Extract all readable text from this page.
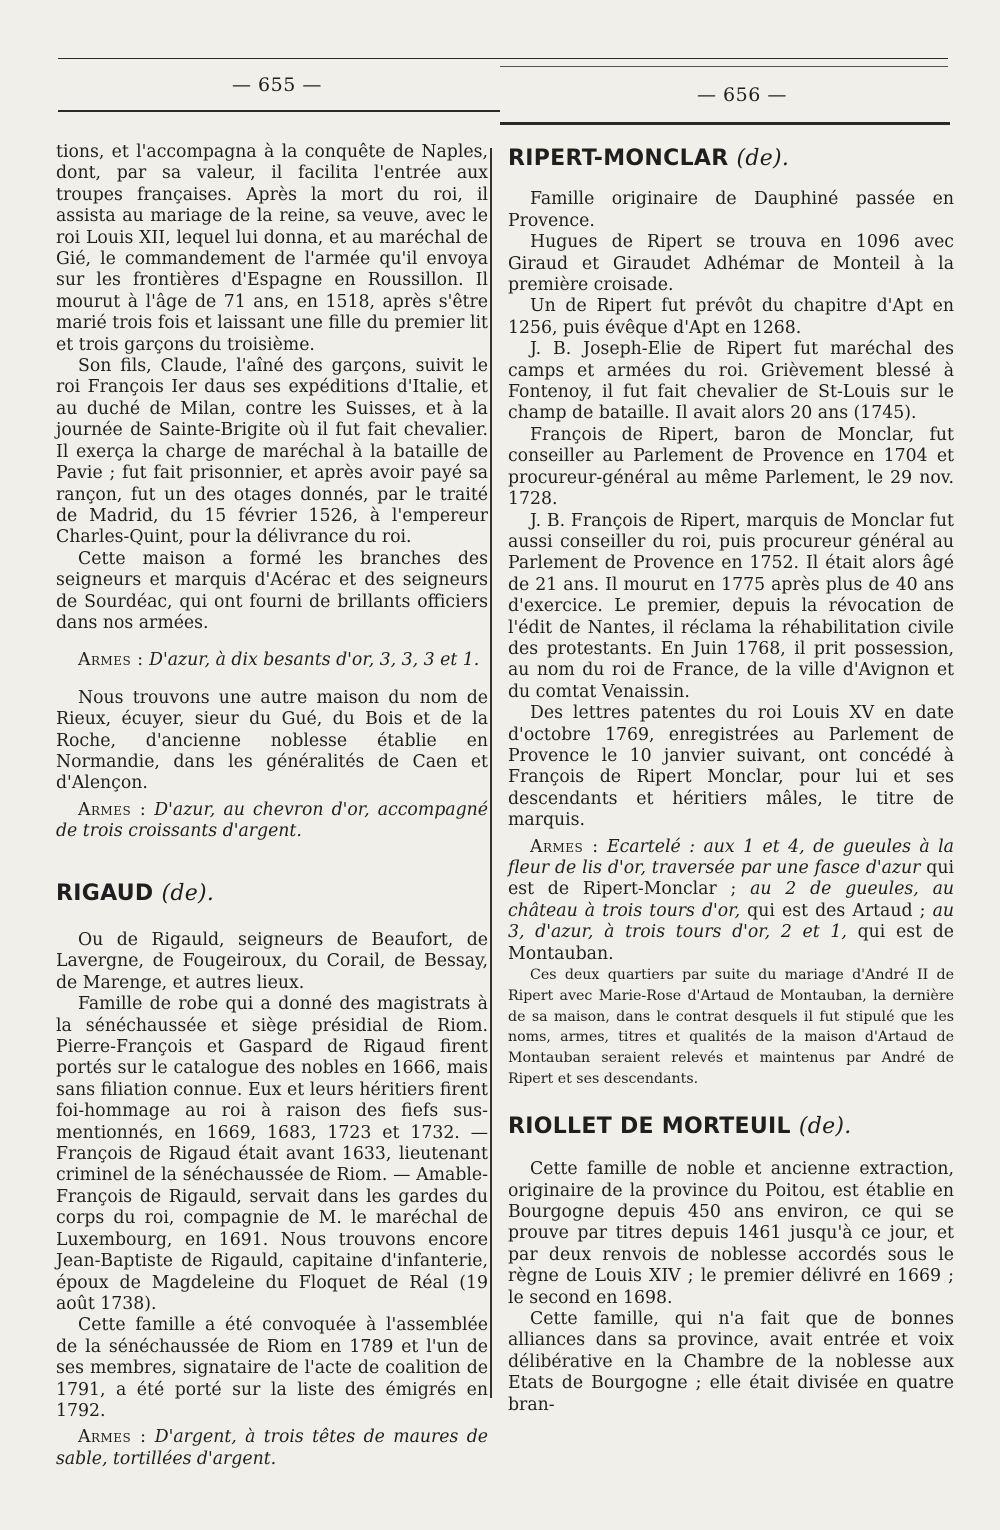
— 655 —	— 656 —

tions, et l'accompagna à la conquête de Naples, dont, par sa valeur, il facilita l'entrée aux troupes françaises. Après la mort du roi, il assista au mariage de la reine, sa veuve, avec le roi Louis XII, lequel lui donna, et au maréchal de Gié, le commandement de l'armée qu'il envoya sur les frontières d'Espagne en Roussillon. Il mourut à l'âge de 71 ans, en 1518, après s'être marié trois fois et laissant une fille du premier lit et trois garçons du troisième.

Son fils, Claude, l'aîné des garçons, suivit le roi François Ier daus ses expéditions d'Italie, et au duché de Milan, contre les Suisses, et à la journée de Sainte-Brigite où il fut fait chevalier. Il exerça la charge de maréchal à la bataille de Pavie ; fut fait prisonnier, et après avoir payé sa rançon, fut un des otages donnés, par le traité de Madrid, du 15 février 1526, à l'empereur Charles-Quint, pour la délivrance du roi.

Cette maison a formé les branches des seigneurs et marquis d'Acérac et des seigneurs de Sourdéac, qui ont fourni de brillants officiers dans nos armées.

Armes : D'azur, à dix besants d'or, 3, 3, 3 et 1.

Nous trouvons une autre maison du nom de Rieux, écuyer, sieur du Gué, du Bois et de la Roche, d'ancienne noblesse établie en Normandie, dans les généralités de Caen et d'Alençon.

Armes : D'azur, au chevron d'or, accompagné de trois croissants d'argent.

RIGAUD (de).

Ou de Rigauld, seigneurs de Beaufort, de Lavergne, de Fougeiroux, du Corail, de Bessay, de Marenge, et autres lieux.

Famille de robe qui a donné des magistrats à la sénéchaussée et siège présidial de Riom. Pierre-François et Gaspard de Rigaud firent portés sur le catalogue des nobles en 1666, mais sans filiation connue. Eux et leurs héritiers firent foi-hommage au roi à raison des fiefs sus-mentionnés, en 1669, 1683, 1723 et 1732. — François de Rigaud était avant 1633, lieutenant criminel de la sénéchaussée de Riom. — Amable-François de Rigauld, servait dans les gardes du corps du roi, compagnie de M. le maréchal de Luxembourg, en 1691. Nous trouvons encore Jean-Baptiste de Rigauld, capitaine d'infanterie, époux de Magdeleine du Floquet de Réal (19 août 1738).

Cette famille a été convoquée à l'assemblée de la sénéchaussée de Riom en 1789 et l'un de ses membres, signataire de l'acte de coalition de 1791, a été porté sur la liste des émigrés en 1792.

Armes : D'argent, à trois têtes de maures de sable, tortillées d'argent.

RIPERT-MONCLAR (de).

Famille originaire de Dauphiné passée en Provence.

Hugues de Ripert se trouva en 1096 avec Giraud et Giraudet Adhémar de Monteil à la première croisade.

Un de Ripert fut prévôt du chapitre d'Apt en 1256, puis évêque d'Apt en 1268.

J. B. Joseph-Elie de Ripert fut maréchal des camps et armées du roi. Grièvement blessé à Fontenoy, il fut fait chevalier de St-Louis sur le champ de bataille. Il avait alors 20 ans (1745).

François de Ripert, baron de Monclar, fut conseiller au Parlement de Provence en 1704 et procureur-général au même Parlement, le 29 nov. 1728.

J. B. François de Ripert, marquis de Monclar fut aussi conseiller du roi, puis procureur général au Parlement de Provence en 1752. Il était alors âgé de 21 ans. Il mourut en 1775 après plus de 40 ans d'exercice. Le premier, depuis la révocation de l'édit de Nantes, il réclama la réhabilitation civile des protestants. En Juin 1768, il prit possession, au nom du roi de France, de la ville d'Avignon et du comtat Venaissin.

Des lettres patentes du roi Louis XV en date d'octobre 1769, enregistrées au Parlement de Provence le 10 janvier suivant, ont concédé à François de Ripert Monclar, pour lui et ses descendants et héritiers mâles, le titre de marquis.

Armes : Ecartelé : aux 1 et 4, de gueules à la fleur de lis d'or, traversée par une fasce d'azur qui est de Ripert-Monclar ; au 2 de gueules, au château à trois tours d'or, qui est des Artaud ; au 3, d'azur, à trois tours d'or, 2 et 1, qui est de Montauban.

Ces deux quartiers par suite du mariage d'André II de Ripert avec Marie-Rose d'Artaud de Montauban, la dernière de sa maison, dans le contrat desquels il fut stipulé que les noms, armes, titres et qualités de la maison d'Artaud de Montauban seraient relevés et maintenus par André de Ripert et ses descendants.

RIOLLET DE MORTEUIL (de).

Cette famille de noble et ancienne extraction, originaire de la province du Poitou, est établie en Bourgogne depuis 450 ans environ, ce qui se prouve par titres depuis 1461 jusqu'à ce jour, et par deux renvois de noblesse accordés sous le règne de Louis XIV ; le premier délivré en 1669 ; le second en 1698.

Cette famille, qui n'a fait que de bonnes alliances dans sa province, avait entrée et voix délibérative en la Chambre de la noblesse aux Etats de Bourgogne ; elle était divisée en quatre bran-
